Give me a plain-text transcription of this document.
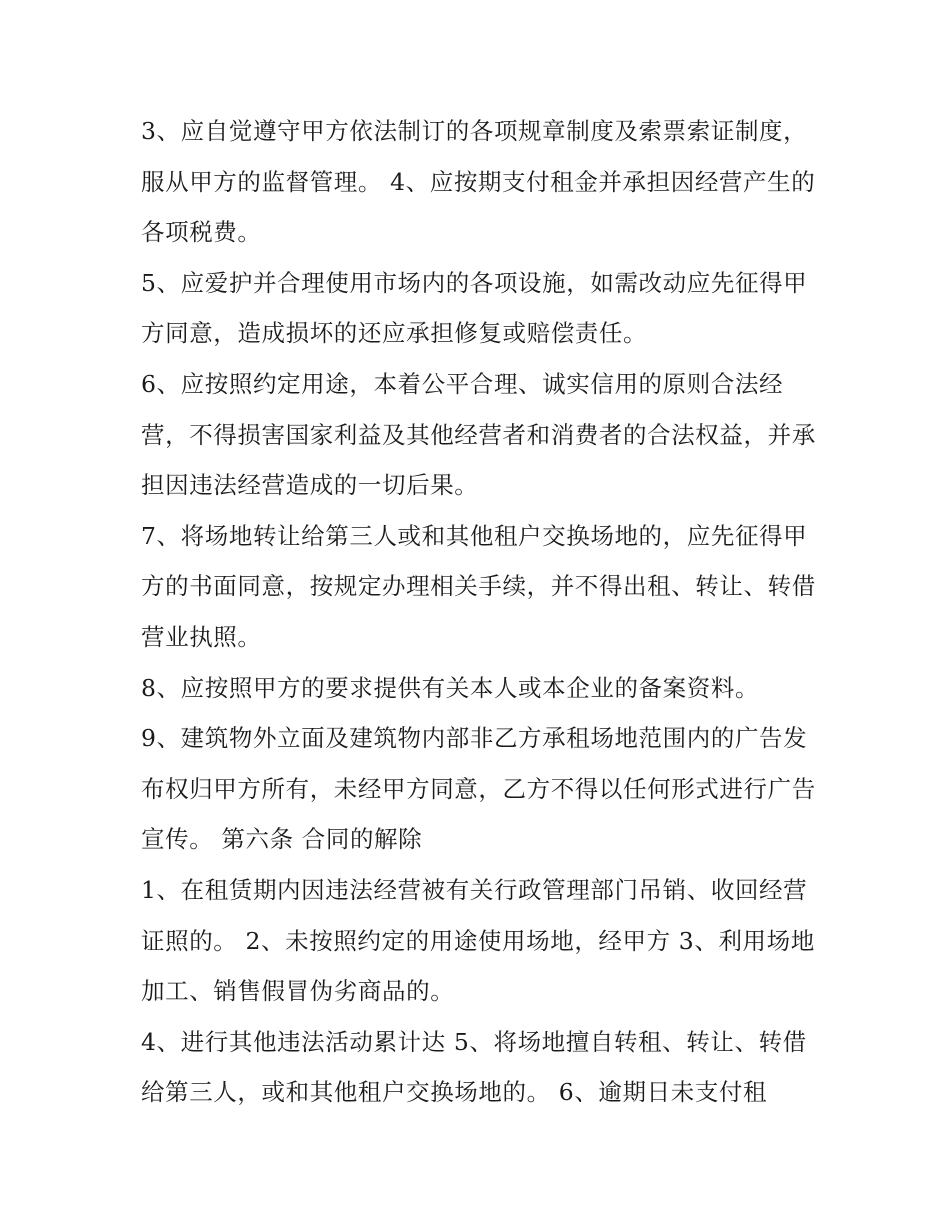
3、应自觉遵守甲方依法制订的各项规章制度及索票索证制度，服从甲方的监督管理。 4、应按期支付租金并承担因经营产生的各项税费。

5、应爱护并合理使用市场内的各项设施，如需改动应先征得甲方同意，造成损坏的还应承担修复或赔偿责任。

6、应按照约定用途，本着公平合理、诚实信用的原则合法经营，不得损害国家利益及其他经营者和消费者的合法权益，并承担因违法经营造成的一切后果。

7、将场地转让给第三人或和其他租户交换场地的，应先征得甲方的书面同意，按规定办理相关手续，并不得出租、转让、转借营业执照。

8、应按照甲方的要求提供有关本人或本企业的备案资料。

9、建筑物外立面及建筑物内部非乙方承租场地范围内的广告发布权归甲方所有，未经甲方同意，乙方不得以任何形式进行广告宣传。 第六条 合同的解除

1、在租赁期内因违法经营被有关行政管理部门吊销、收回经营证照的。 2、未按照约定的用途使用场地，经甲方 3、利用场地加工、销售假冒伪劣商品的。

4、进行其他违法活动累计达 5、将场地擅自转租、转让、转借给第三人，或和其他租户交换场地的。 6、逾期日未支付租
